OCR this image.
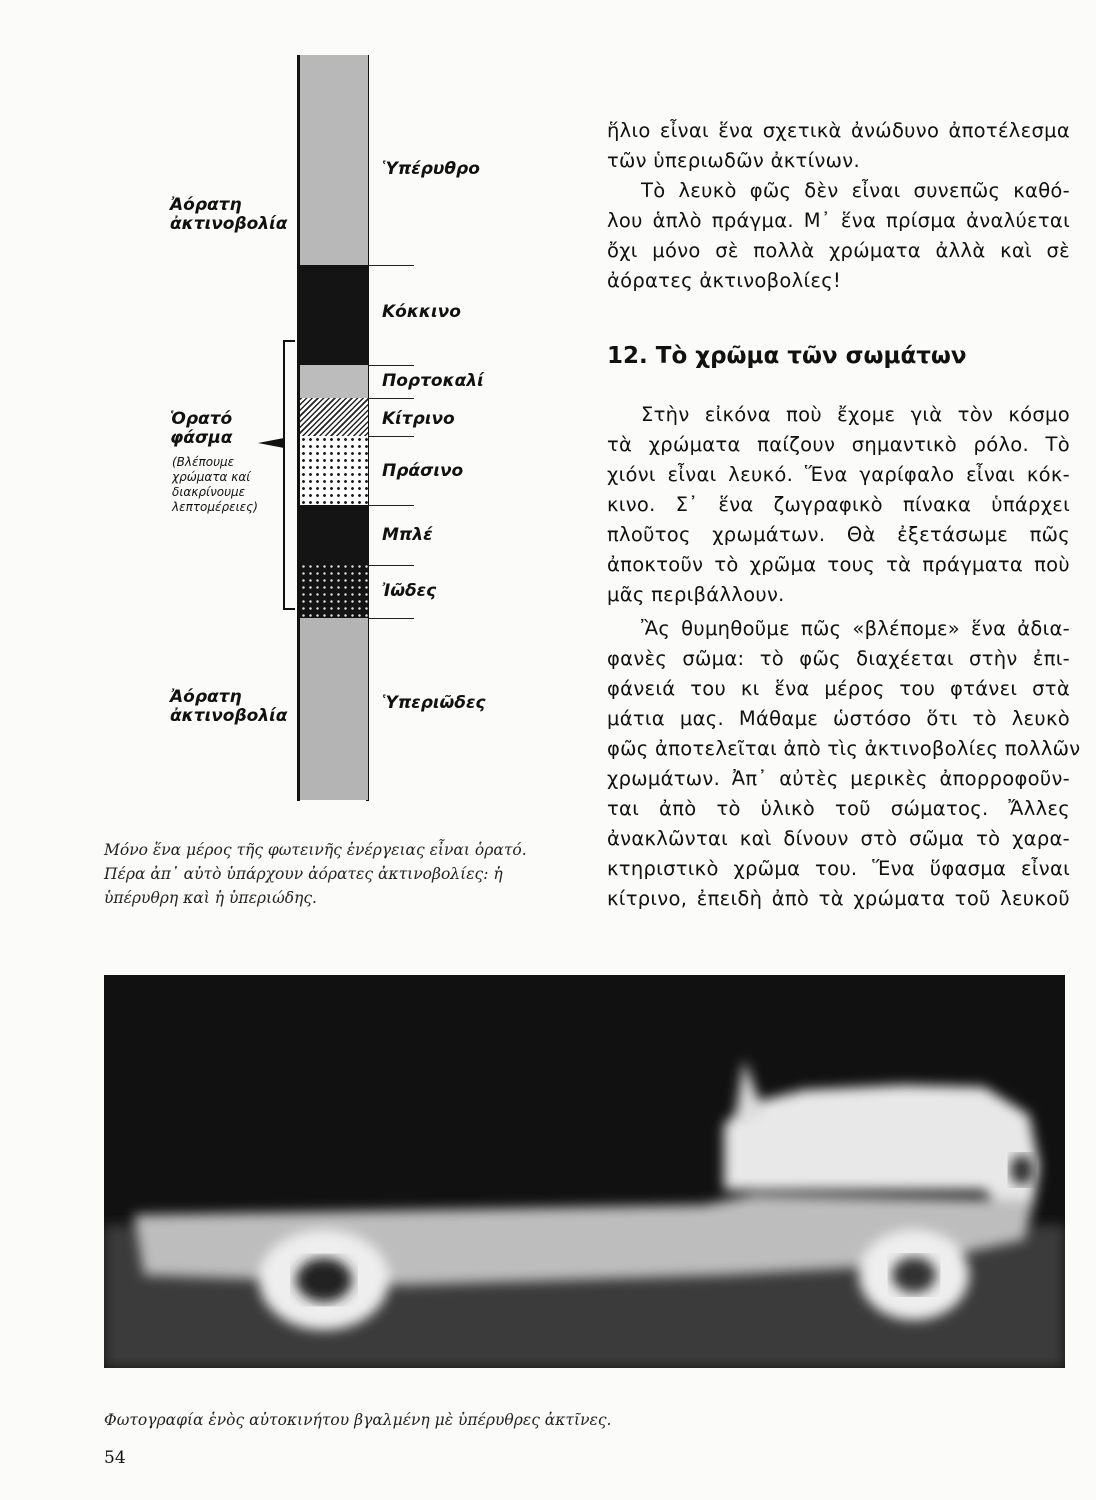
Ὑπέρυθρο
Κόκκινο
Πορτοκαλί
Κίτρινο
Πράσινο
Μπλέ
Ἰῶδες
Ὑπεριῶδες
Ἀόρατη
ἀκτινοβολία
Ὁρατό
φάσμα
(Βλέπουμε
χρώματα καί
διακρίνουμε
λεπτομέρειες)
Ἀόρατη
ἀκτινοβολία
Μόνο ἕνα μέρος τῆς φωτεινῆς ἐνέργειας εἶναι ὁρατό.
Πέρα ἀπ᾽ αὐτὸ ὑπάρχουν ἀόρατες ἀκτινοβολίες: ἡ
ὑπέρυθρη καὶ ἡ ὑπεριώδης.
ἥλιο εἶναι ἕνα σχετικὰ ἀνώδυνο ἀποτέλεσμα
τῶν ὑπεριωδῶν ἀκτίνων.
Τὸ λευκὸ φῶς δὲν εἶναι συνεπῶς καθό-
λου ἁπλὸ πράγμα. Μ᾽ ἕνα πρίσμα ἀναλύεται
ὄχι μόνο σὲ πολλὰ χρώματα ἀλλὰ καὶ σὲ
ἀόρατες ἀκτινοβολίες!
12. Τὸ χρῶμα τῶν σωμάτων
Στὴν εἰκόνα ποὺ ἔχομε γιὰ τὸν κόσμο
τὰ χρώματα παίζουν σημαντικὸ ρόλο. Τὸ
χιόνι εἶναι λευκό. Ἕνα γαρίφαλο εἶναι κόκ-
κινο. Σ᾽ ἕνα ζωγραφικὸ πίνακα ὑπάρχει
πλοῦτος χρωμάτων. Θὰ ἐξετάσωμε πῶς
ἀποκτοῦν τὸ χρῶμα τους τὰ πράγματα ποὺ
μᾶς περιβάλλουν.
Ἂς θυμηθοῦμε πῶς «βλέπομε» ἕνα ἀδια-
φανὲς σῶμα: τὸ φῶς διαχέεται στὴν ἐπι-
φάνειά του κι ἕνα μέρος του φτάνει στὰ
μάτια μας. Μάθαμε ὡστόσο ὅτι τὸ λευκὸ
φῶς ἀποτελεῖται ἀπὸ τὶς ἀκτινοβολίες πολλῶν
χρωμάτων. Ἀπ᾽ αὐτὲς μερικὲς ἀπορροφοῦν-
ται ἀπὸ τὸ ὑλικὸ τοῦ σώματος. Ἄλλες
ἀνακλῶνται καὶ δίνουν στὸ σῶμα τὸ χαρα-
κτηριστικὸ χρῶμα του. Ἕνα ὕφασμα εἶναι
κίτρινο, ἐπειδὴ ἀπὸ τὰ χρώματα τοῦ λευκοῦ
Φωτογραφία ἑνὸς αὐτοκινήτου βγαλμένη μὲ ὑπέρυθρες ἀκτῖνες.
54
